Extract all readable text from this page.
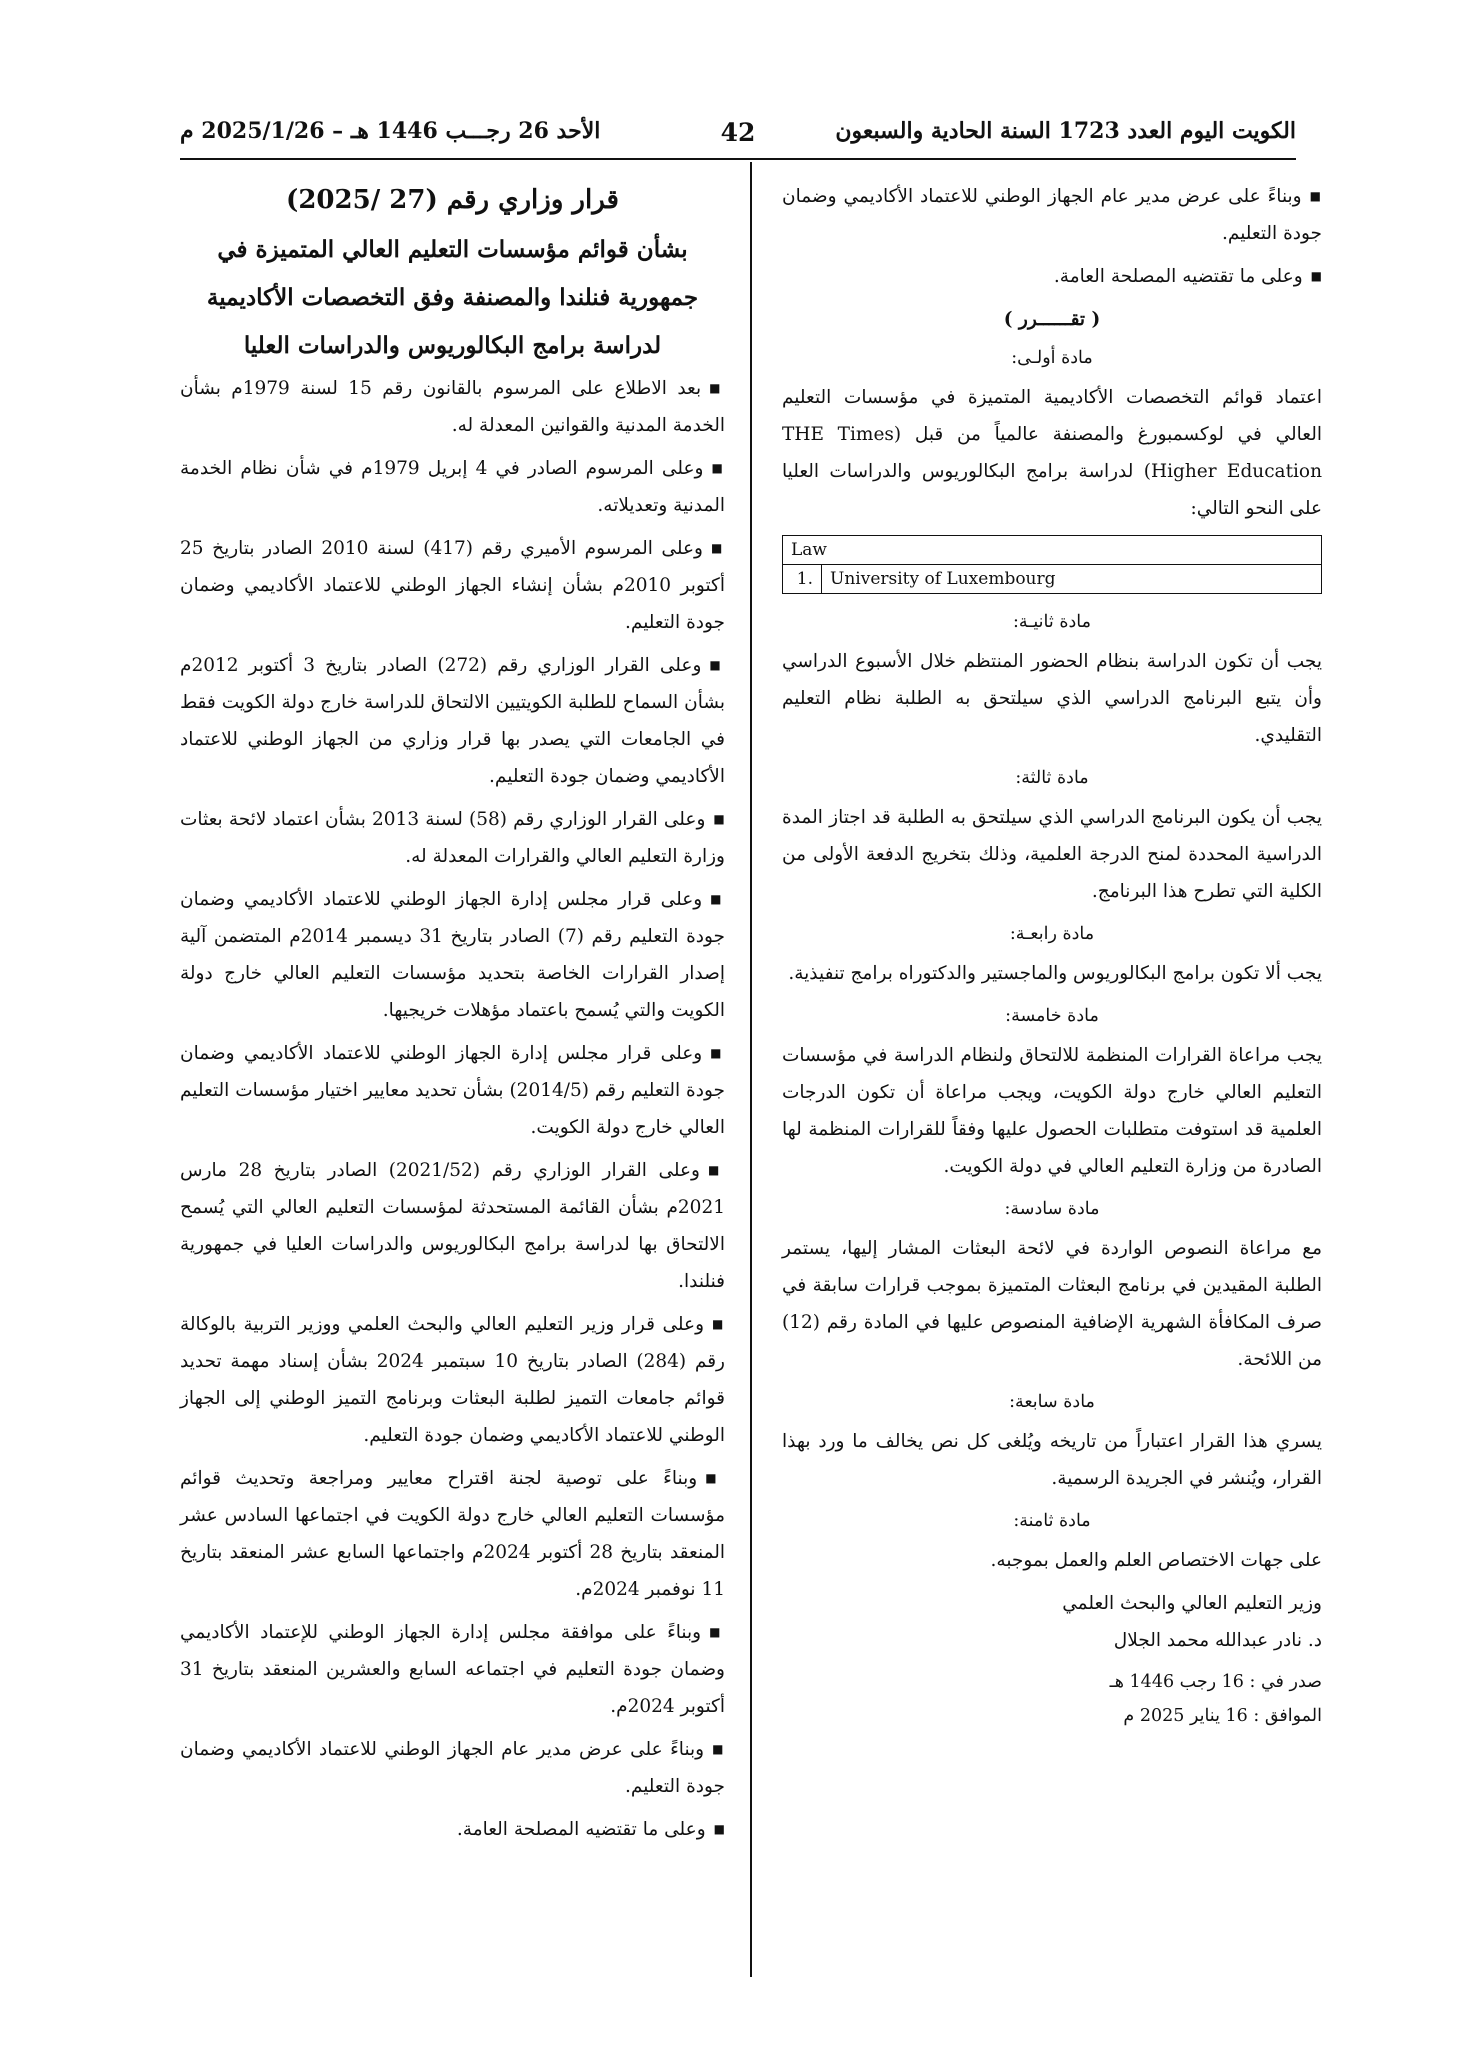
الأحد 26 رجـــب 1446 هـ – 2025/1/26 م	42	الكويت اليوم العدد 1723 السنة الحادية والسبعون

■ وبناءً على عرض مدير عام الجهاز الوطني للاعتماد الأكاديمي وضمان جودة التعليم.

■ وعلى ما تقتضيه المصلحة العامة.

( تقــــــرر )

مادة أولـى:

اعتماد قوائم التخصصات الأكاديمية المتميزة في مؤسسات التعليم العالي في لوكسمبورغ والمصنفة عالمياً من قبل (THE Times Higher Education) لدراسة برامج البكالوريوس والدراسات العليا على النحو التالي:

Law
1.	University of Luxembourg

مادة ثانيـة:

يجب أن تكون الدراسة بنظام الحضور المنتظم خلال الأسبوع الدراسي وأن يتبع البرنامج الدراسي الذي سيلتحق به الطلبة نظام التعليم التقليدي.

مادة ثالثة:

يجب أن يكون البرنامج الدراسي الذي سيلتحق به الطلبة قد اجتاز المدة الدراسية المحددة لمنح الدرجة العلمية، وذلك بتخريج الدفعة الأولى من الكلية التي تطرح هذا البرنامج.

مادة رابعـة:

يجب ألا تكون برامج البكالوريوس والماجستير والدكتوراه برامج تنفيذية.

مادة خامسة:

يجب مراعاة القرارات المنظمة للالتحاق ولنظام الدراسة في مؤسسات التعليم العالي خارج دولة الكويت، ويجب مراعاة أن تكون الدرجات العلمية قد استوفت متطلبات الحصول عليها وفقاً للقرارات المنظمة لها الصادرة من وزارة التعليم العالي في دولة الكويت.

مادة سادسة:

مع مراعاة النصوص الواردة في لائحة البعثات المشار إليها، يستمر الطلبة المقيدين في برنامج البعثات المتميزة بموجب قرارات سابقة في صرف المكافأة الشهرية الإضافية المنصوص عليها في المادة رقم (12) من اللائحة.

مادة سابعة:

يسري هذا القرار اعتباراً من تاريخه ويُلغى كل نص يخالف ما ورد بهذا القرار، ويُنشر في الجريدة الرسمية.

مادة ثامنة:

على جهات الاختصاص العلم والعمل بموجبه.

وزير التعليم العالي والبحث العلمي

د. نادر عبدالله محمد الجلال

صدر في : 16 رجب 1446 هـ

الموافق : 16 يناير 2025 م

قرار وزاري رقم (27 /2025)

بشأن قوائم مؤسسات التعليم العالي المتميزة في جمهورية فنلندا والمصنفة وفق التخصصات الأكاديمية لدراسة برامج البكالوريوس والدراسات العليا

■ بعد الاطلاع على المرسوم بالقانون رقم 15 لسنة 1979م بشأن الخدمة المدنية والقوانين المعدلة له.

■ وعلى المرسوم الصادر في 4 إبريل 1979م في شأن نظام الخدمة المدنية وتعديلاته.

■ وعلى المرسوم الأميري رقم (417) لسنة 2010 الصادر بتاريخ 25 أكتوبر 2010م بشأن إنشاء الجهاز الوطني للاعتماد الأكاديمي وضمان جودة التعليم.

■ وعلى القرار الوزاري رقم (272) الصادر بتاريخ 3 أكتوبر 2012م بشأن السماح للطلبة الكويتيين الالتحاق للدراسة خارج دولة الكويت فقط في الجامعات التي يصدر بها قرار وزاري من الجهاز الوطني للاعتماد الأكاديمي وضمان جودة التعليم.

■ وعلى القرار الوزاري رقم (58) لسنة 2013 بشأن اعتماد لائحة بعثات وزارة التعليم العالي والقرارات المعدلة له.

■ وعلى قرار مجلس إدارة الجهاز الوطني للاعتماد الأكاديمي وضمان جودة التعليم رقم (7) الصادر بتاريخ 31 ديسمبر 2014م المتضمن آلية إصدار القرارات الخاصة بتحديد مؤسسات التعليم العالي خارج دولة الكويت والتي يُسمح باعتماد مؤهلات خريجيها.

■ وعلى قرار مجلس إدارة الجهاز الوطني للاعتماد الأكاديمي وضمان جودة التعليم رقم (2014/5) بشأن تحديد معايير اختيار مؤسسات التعليم العالي خارج دولة الكويت.

■ وعلى القرار الوزاري رقم (2021/52) الصادر بتاريخ 28 مارس 2021م بشأن القائمة المستحدثة لمؤسسات التعليم العالي التي يُسمح الالتحاق بها لدراسة برامج البكالوريوس والدراسات العليا في جمهورية فنلندا.

■ وعلى قرار وزير التعليم العالي والبحث العلمي ووزير التربية بالوكالة رقم (284) الصادر بتاريخ 10 سبتمبر 2024 بشأن إسناد مهمة تحديد قوائم جامعات التميز لطلبة البعثات وبرنامج التميز الوطني إلى الجهاز الوطني للاعتماد الأكاديمي وضمان جودة التعليم.

■ وبناءً على توصية لجنة اقتراح معايير ومراجعة وتحديث قوائم مؤسسات التعليم العالي خارج دولة الكويت في اجتماعها السادس عشر المنعقد بتاريخ 28 أكتوبر 2024م واجتماعها السابع عشر المنعقد بتاريخ 11 نوفمبر 2024م.

■ وبناءً على موافقة مجلس إدارة الجهاز الوطني للإعتماد الأكاديمي وضمان جودة التعليم في اجتماعه السابع والعشرين المنعقد بتاريخ 31 أكتوبر 2024م.

■ وبناءً على عرض مدير عام الجهاز الوطني للاعتماد الأكاديمي وضمان جودة التعليم.

■ وعلى ما تقتضيه المصلحة العامة.
